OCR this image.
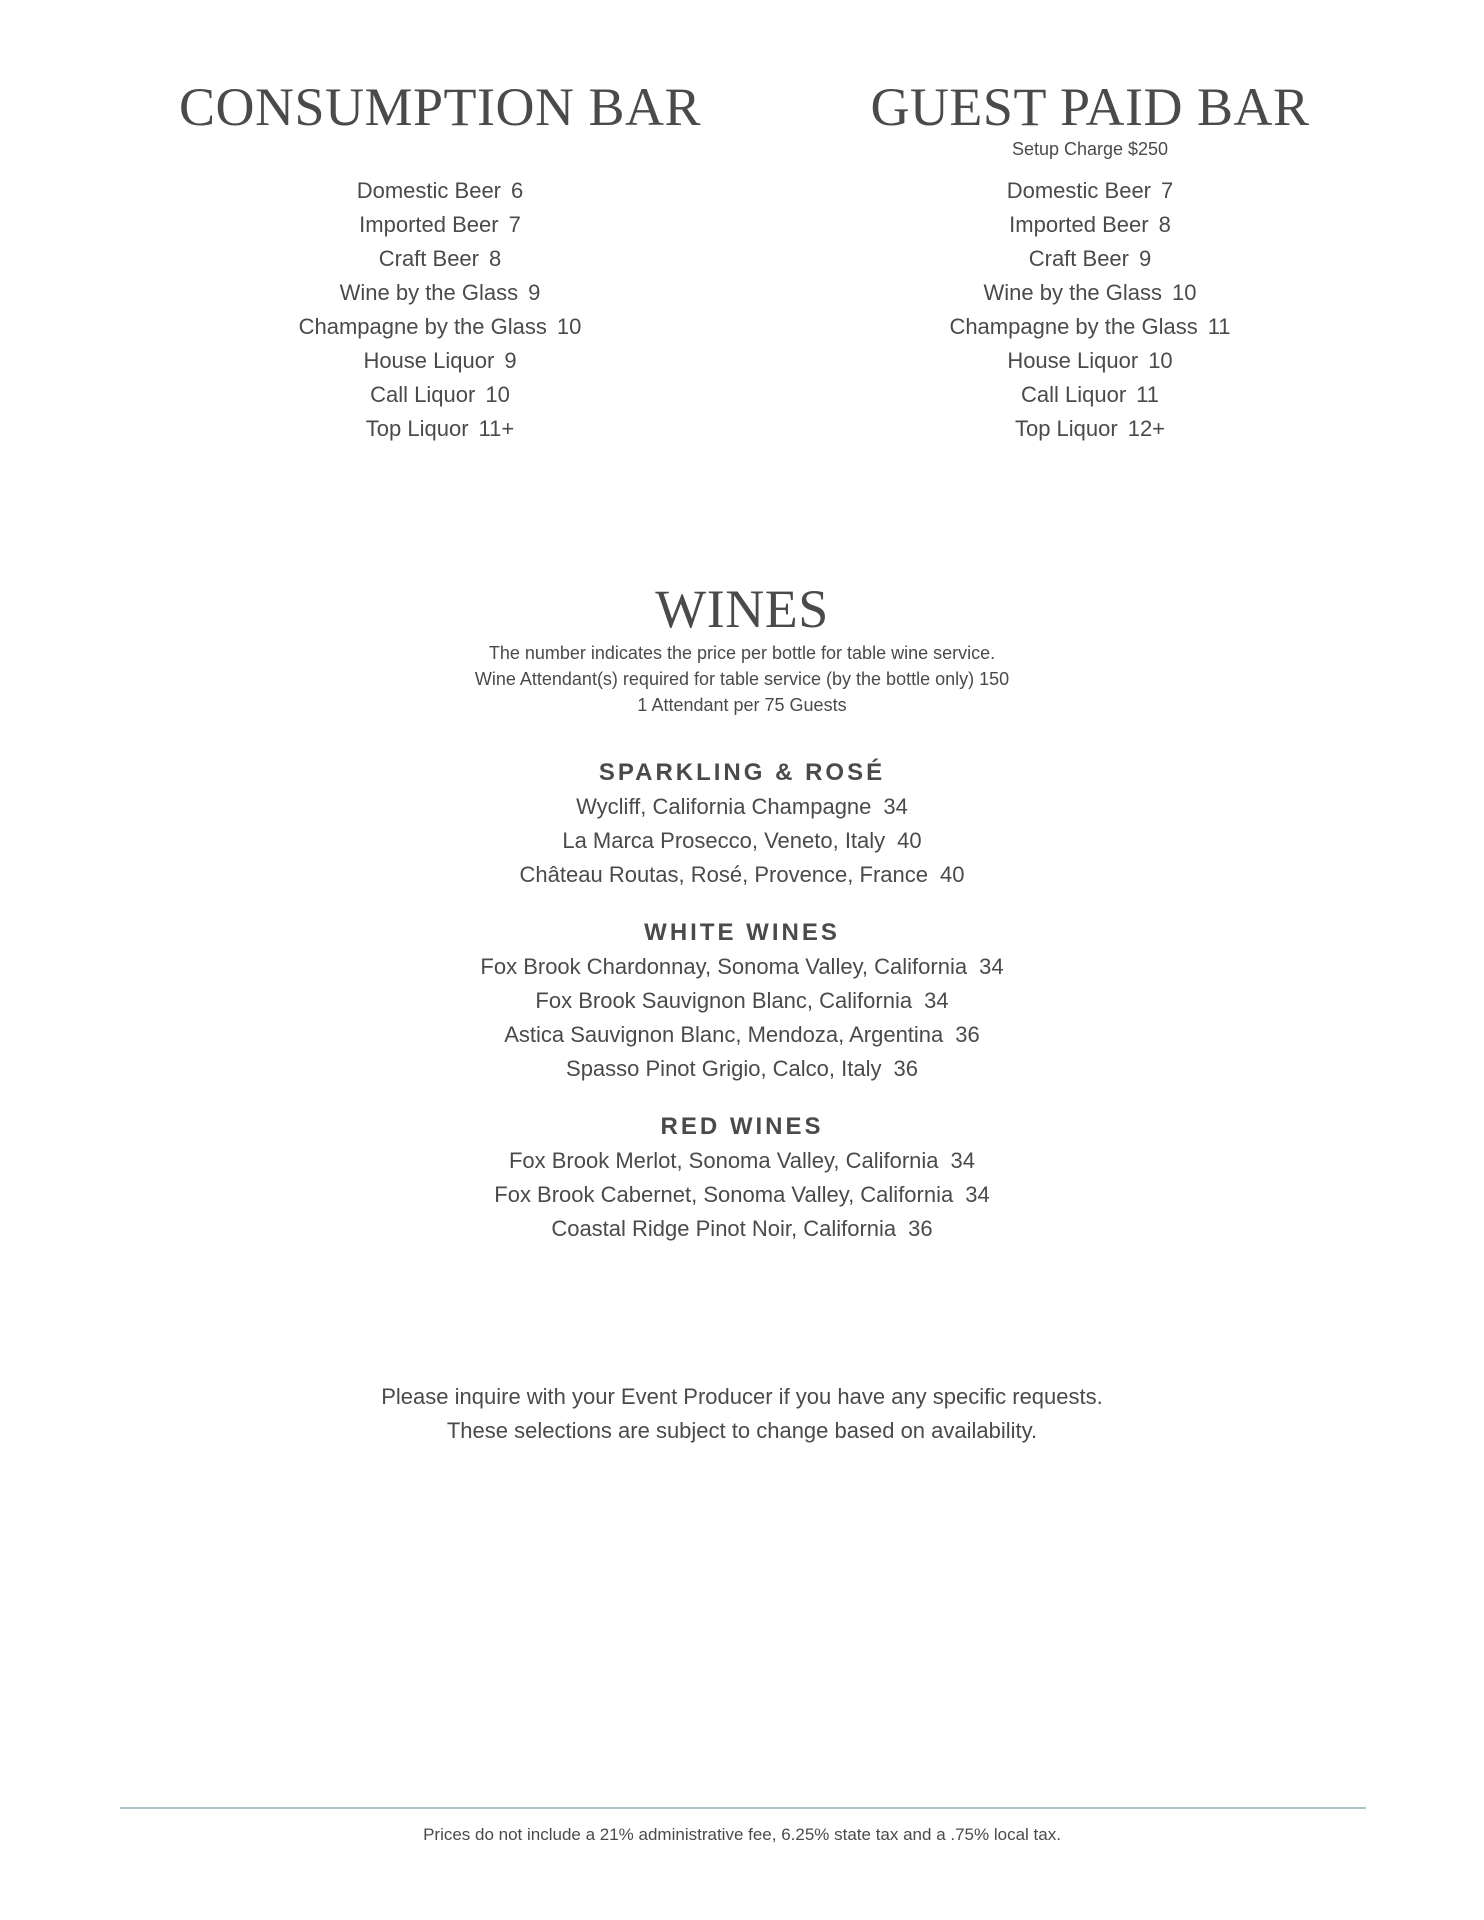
CONSUMPTION BAR
Domestic Beer 6
Imported Beer 7
Craft Beer 8
Wine by the Glass 9
Champagne by the Glass 10
House Liquor 9
Call Liquor 10
Top Liquor 11+
GUEST PAID BAR
Setup Charge $250
Domestic Beer 7
Imported Beer 8
Craft Beer 9
Wine by the Glass 10
Champagne by the Glass 11
House Liquor 10
Call Liquor 11
Top Liquor 12+
WINES
The number indicates the price per bottle for table wine service.
Wine Attendant(s) required for table service (by the bottle only) 150
1 Attendant per 75 Guests
SPARKLING & ROSÉ
Wycliff, California Champagne 34
La Marca Prosecco, Veneto, Italy 40
Château Routas, Rosé, Provence, France 40
WHITE WINES
Fox Brook Chardonnay, Sonoma Valley, California 34
Fox Brook Sauvignon Blanc, California 34
Astica Sauvignon Blanc, Mendoza, Argentina 36
Spasso Pinot Grigio, Calco, Italy 36
RED WINES
Fox Brook Merlot, Sonoma Valley, California 34
Fox Brook Cabernet, Sonoma Valley, California 34
Coastal Ridge Pinot Noir, California 36
Please inquire with your Event Producer if you have any specific requests.
These selections are subject to change based on availability.
Prices do not include a 21% administrative fee, 6.25% state tax and a .75% local tax.
